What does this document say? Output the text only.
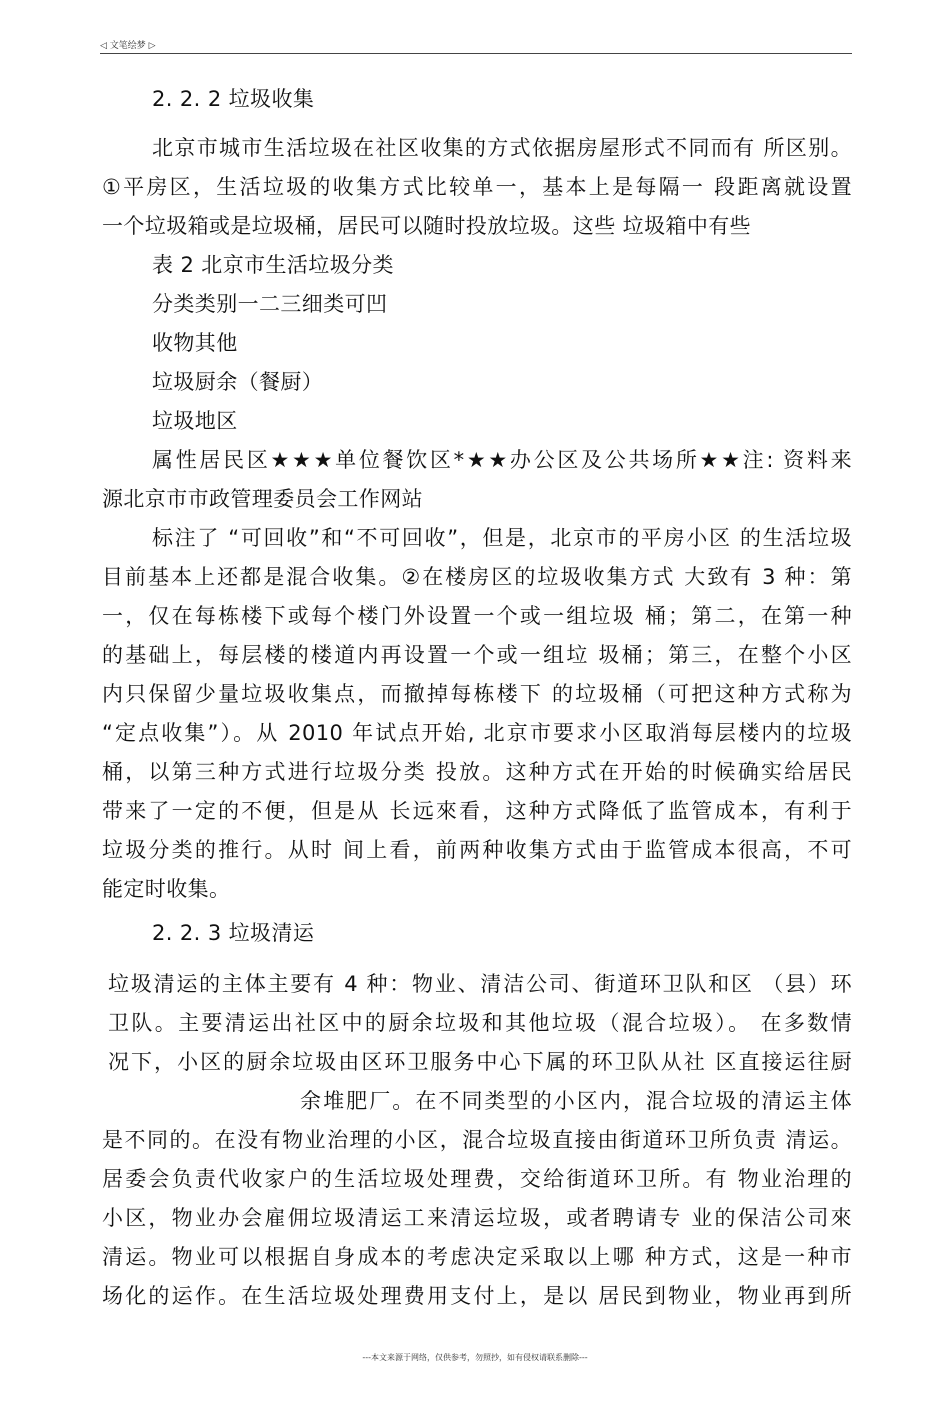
◁ 文笔绘梦 ▷
2. 2. 2 垃圾收集
北京市城市生活垃圾在社区收集的方式依据房屋形式不同而有 所区别。
①平房区，生活垃圾的收集方式比较单一，基本上是每隔一 段距离就设置
一个垃圾箱或是垃圾桶，居民可以随时投放垃圾。这些 垃圾箱中有些
表 2 北京市生活垃圾分类
分类类别一二三细类可凹
收物其他
垃圾厨余（餐厨）
垃圾地区
属性居民区★★★单位餐饮区*★★办公区及公共场所★★注: 资料来
源北京市市政管理委员会工作网站
标注了 “可回收”和“不可回收”，但是，北京市的平房小区 的生活垃圾
目前基本上还都是混合收集。②在楼房区的垃圾收集方式 大致有 3 种：第
一，仅在每栋楼下或每个楼门外设置一个或一组垃圾 桶；第二，在第一种
的基础上，每层楼的楼道内再设置一个或一组垃 圾桶；第三，在整个小区
内只保留少量垃圾收集点，而撤掉每栋楼下 的垃圾桶（可把这种方式称为
“定点收集”）。从 2010 年试点开始, 北京市要求小区取消每层楼内的垃圾
桶，以第三种方式进行垃圾分类 投放。这种方式在开始的时候确实给居民
带来了一定的不便，但是从 长远來看，这种方式降低了监管成本，有利于
垃圾分类的推行。从时 间上看，前两种收集方式由于监管成本很高，不可
能定时收集。
2. 2. 3 垃圾清运
垃圾清运的主体主要有 4 种：物业、清洁公司、街道环卫队和区 （县）环
卫队。主要清运出社区中的厨余垃圾和其他垃圾（混合垃圾）。 在多数情
况下，小区的厨余垃圾由区环卫服务中心下属的环卫队从社 区直接运往厨
余堆肥厂。在不同类型的小区内，混合垃圾的清运主体
是不同的。在没有物业治理的小区，混合垃圾直接由街道环卫所负责 清运。
居委会负责代收家户的生活垃圾处理费，交给街道环卫所。有 物业治理的
小区，物业办会雇佣垃圾清运工来清运垃圾，或者聘请专 业的保洁公司來
清运。物业可以根据自身成本的考虑决定采取以上哪 种方式，这是一种市
场化的运作。在生活垃圾处理费用支付上，是以 居民到物业，物业再到所
---本文来源于网络，仅供参考，勿照抄，如有侵权请联系删除---
